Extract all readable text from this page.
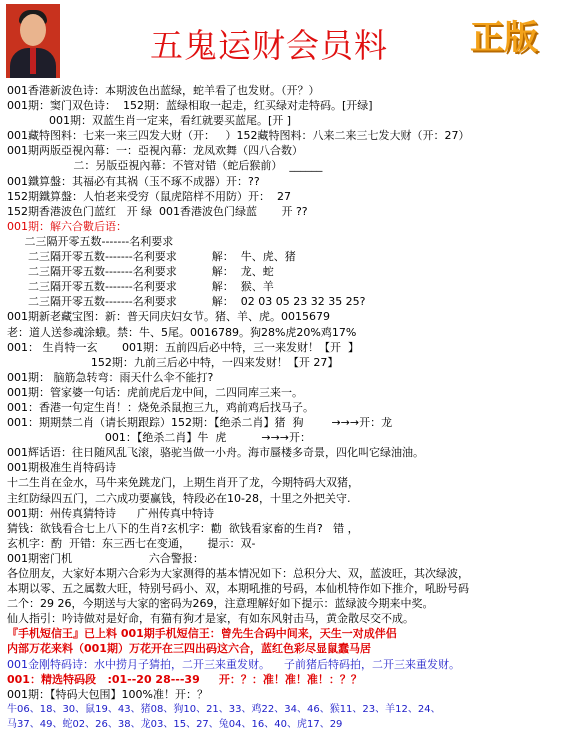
五鬼运财会员料 正版
001香港新波色诗：本期波色出蓝绿，蛇羊看了也发财。（开？）
001期：窦门双色诗：  152期：蓝绿相取一起走，红买绿对走特码。[开绿]
001期：双蓝生肖一定来，看红就要买蓝尾。[开 ]
001藏特图料：七来一来三四发大财（开：   ）152藏特图料：八来二来三七发大财（开：27）
001期两版亞視內幕：一：亞視內幕：龙凤欢舞（四八合数）
二：另版亞視內幕：不管对错（蛇后猴前）  ______
001鐵算盤：其福必有其祸（玉不琢不成器）开：??
152期鐵算盤：人怕老来受穷（鼠虎陪样不用防）开：  27
152期香港波色门蓝红   开 绿  001香港波色门绿蓝       开 ??
001期：解六合數后语：
二三隔开零五数-------名利要求
二三隔开零五数-------名利要求          解：  牛、虎、猪
二三隔开零五数-------名利要求          解：  龙、蛇
二三隔开零五数-------名利要求          解：  猴、羊
二三隔开零五数-------名利要求          解：  02 03 05 23 32 35 25?
001期新老藏宝图：新：普天同庆妇女节。猪、羊、虎。0015679
老：道人送参魂涂蛾。禁：牛、5尾。0016789。狗28%虎20%鸡17%
001： 生肖特一玄       001期：五前四后必中特，三一来发财！【开  】
152期：九前三后必中特，一四来发财！【开 27】
001期： 脑筋急转弯：雨天什么伞不能打?
001期：管家婆一句话：虎前虎后龙中间，二四同库三来一。
001：香港一句定生肖！：烧免杀鼠抱三九，鸡前鸡后找马子。
001：期期禁二肖（请长期跟踪）152期：【绝杀二肖】猪  狗        →→→开：龙
001：【绝杀二肖】牛  虎          →→→开：
001辉话语：往日随风乱飞滚，骆驼当做一小舟。海市蜃楼多奇景，四化叫它绿油油。
001期极准生肖特码诗
十二生肖在金水，马牛来免跳龙门，上期生肖开了龙，今期特码大双猪，
主红防绿四五门，二六成功要赢钱，特段必在10-28，十里之外把关守.
001期：州传真猜特诗      广州传真中特诗
猜钱：欲钱看合七上八下的生肖?玄机字：勸  欲钱看家畜的生肖?   错 ，
玄机字：酌  开错：东三西七在变通，     提示：双-
001期密门机                      六合警报：
各位朋友，大家好本期六合彩为大家测得的基本情况如下：总积分大、双，蓝波旺，其次绿波，
本期以零、五之属数大旺，特别号码小、双，本期吼推的号码，本仙机特作如下推介，吼盼号码
二个：29 26，今期送与大家的密码为269，注意理解好如下提示：蓝绿波今期来中奖。
仙人指引：吟诗做对是好命，有猫有狗才是家，有如东风射击马，黄金散尽交不成。
『手机短信王』已上料 001期手机短信王：曾先生合码中间来，天生一对成伴侣
内部万花来料（001期）万花开在三四出码这六合，蓝红色彩尽显鼠蠢马居
001金刚特码诗：水中捞月子猜拍，二开三来重发财。    子前猪后特码拍，二开三来重发财。
001：精选特码段   :01--20 28---39     开：？：准！准！准！：？？
001期：【特码大包围】100%准！开：？
牛06、18、30、鼠19、43、猪08、狗10、21、33、鸡22、34、46、猴11、23、羊12、24、
马37、49、蛇02、26、38、龙03、15、27、兔04、16、40、虎17、29
